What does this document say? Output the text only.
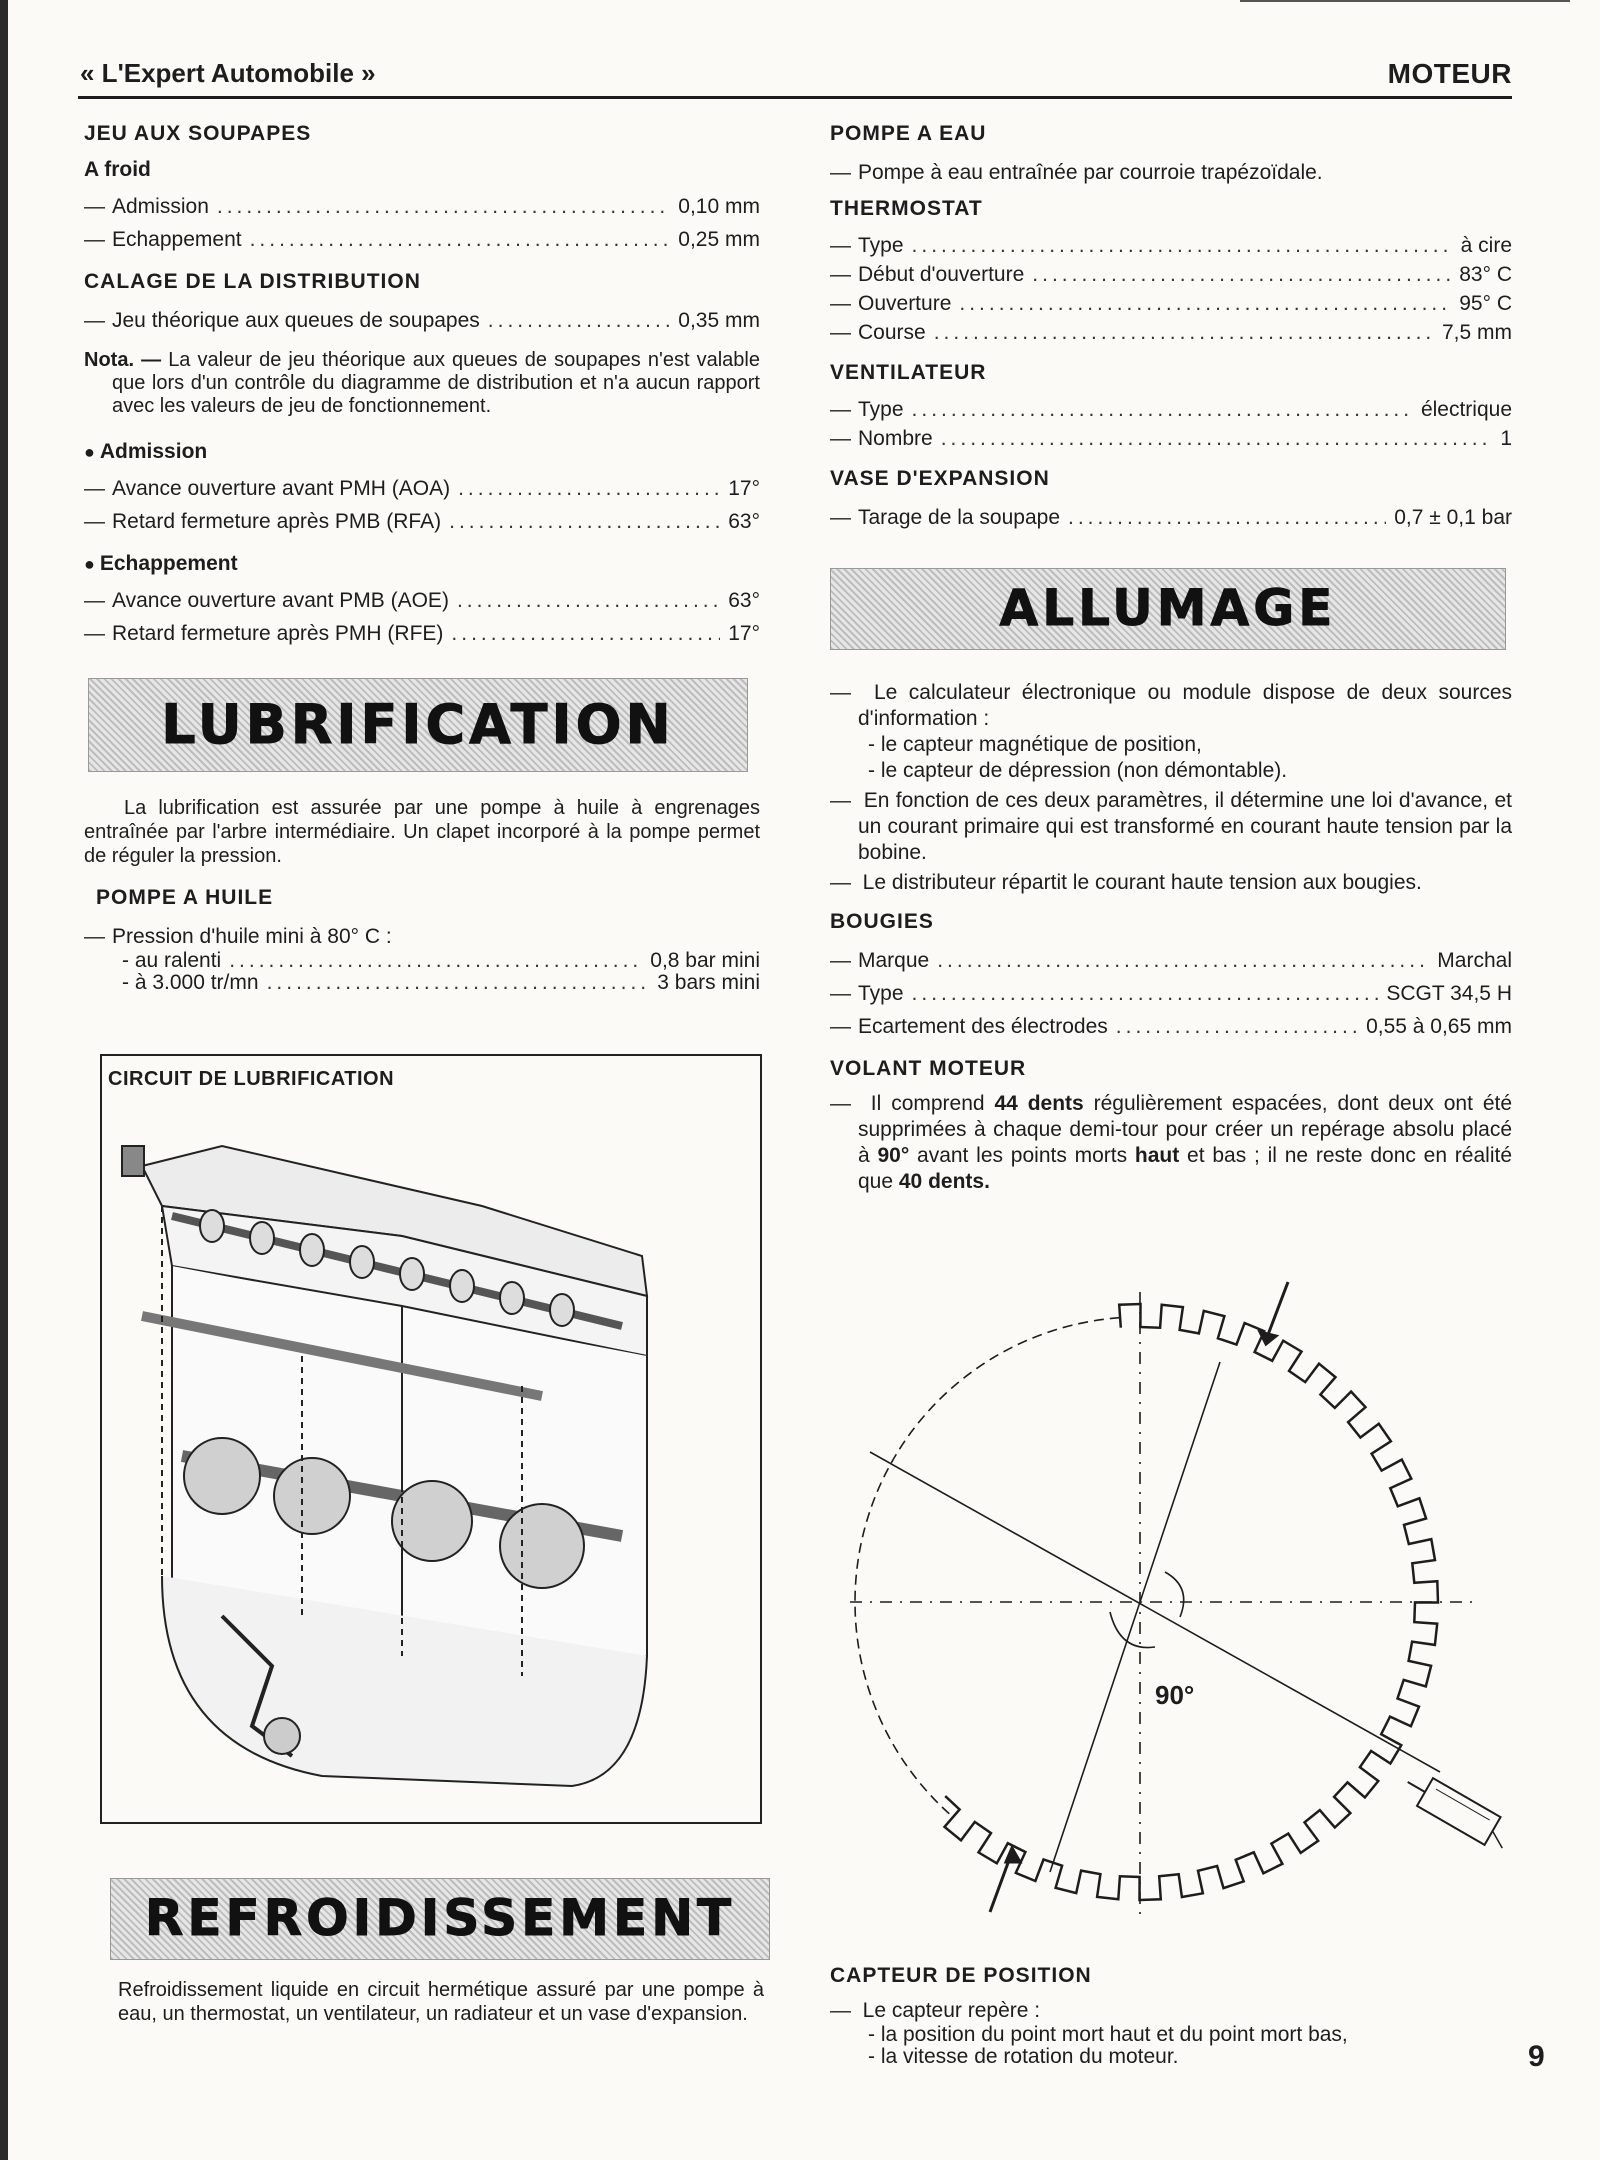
« L'Expert Automobile »	MOTEUR
JEU AUX SOUPAPES
A froid
— Admission .....	0,10 mm
— Echappement .....	0,25 mm
CALAGE DE LA DISTRIBUTION
— Jeu théorique aux queues de soupapes .....	0,35 mm

Nota. — La valeur de jeu théorique aux queues de soupapes n'est valable que lors d'un contrôle du diagramme de distribution et n'a aucun rapport avec les valeurs de jeu de fonctionnement.

● Admission
— Avance ouverture avant PMH (AOA) .....	17°
— Retard fermeture après PMB (RFA) .....	63°
● Echappement
— Avance ouverture avant PMB (AOE) .....	63°
— Retard fermeture après PMH (RFE) .....	17°
LUBRIFICATION

La lubrification est assurée par une pompe à huile à engrenages entraînée par l'arbre intermédiaire. Un clapet incorporé à la pompe permet de réguler la pression.

POMPE A HUILE
— Pression d'huile mini à 80° C :
- au ralenti .....	0,8 bar mini
- à 3.000 tr/mn .....	3 bars mini
CIRCUIT DE LUBRIFICATION
REFROIDISSEMENT

Refroidissement liquide en circuit hermétique assuré par une pompe à eau, un thermostat, un ventilateur, un radiateur et un vase d'expansion.

POMPE A EAU
— Pompe à eau entraînée par courroie trapézoïdale.
THERMOSTAT
— Type .....	à cire
— Début d'ouverture .....	83° C
— Ouverture .....	95° C
— Course .....	7,5 mm
VENTILATEUR
— Type .....	électrique
— Nombre .....	1
VASE D'EXPANSION
— Tarage de la soupape .....	0,7 ± 0,1 bar
ALLUMAGE

—  Le calculateur électronique ou module dispose de deux sources d'information :

- le capteur magnétique de position,
- le capteur de dépression (non démontable).

—  En fonction de ces deux paramètres, il détermine une loi d'avance, et un courant primaire qui est transformé en courant haute tension par la bobine.

—  Le distributeur répartit le courant haute tension aux bougies.

BOUGIES
— Marque .....	Marchal
— Type .....	SCGT 34,5 H
— Ecartement des électrodes .....	0,55 à 0,65 mm
VOLANT MOTEUR

—  Il comprend 44 dents régulièrement espacées, dont deux ont été supprimées à chaque demi-tour pour créer un repérage absolu placé à 90° avant les points morts haut et bas ; il ne reste donc en réalité que 40 dents.

90°
CAPTEUR DE POSITION

—  Le capteur repère :

- la position du point mort haut et du point mort bas,
- la vitesse de rotation du moteur.	9
